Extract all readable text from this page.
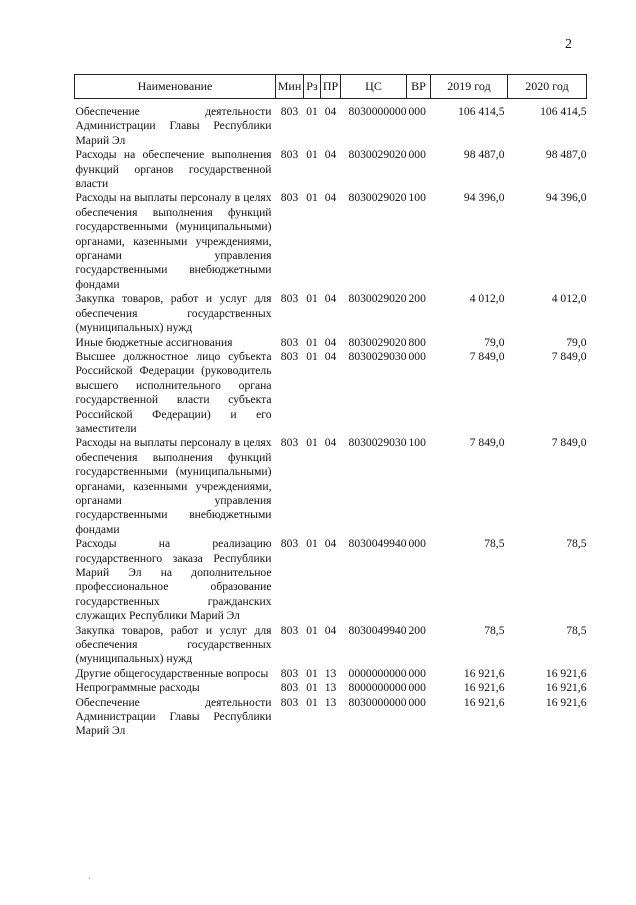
2
Наименование	Мин	Рз	ПР	ЦС	ВР	2019 год	2020 год
Обеспечение деятельности Администрации Главы Республики Марий Эл	803	01	04	8030000000	000	106 414,5	106 414,5
Расходы на обеспечение выполнения функций органов государственной власти	803	01	04	8030029020	000	98 487,0	98 487,0
Расходы на выплаты персоналу в целях обеспечения выполнения функций государственными (муниципальными) органами, казенными учреждениями, органами управления государственными внебюджетными фондами	803	01	04	8030029020	100	94 396,0	94 396,0
Закупка товаров, работ и услуг для обеспечения государственных (муниципальных) нужд	803	01	04	8030029020	200	4 012,0	4 012,0
Иные бюджетные ассигнования	803	01	04	8030029020	800	79,0	79,0
Высшее должностное лицо субъекта Российской Федерации (руководитель высшего исполнительного органа государственной власти субъекта Российской Федерации) и его заместители	803	01	04	8030029030	000	7 849,0	7 849,0
Расходы на выплаты персоналу в целях обеспечения выполнения функций государственными (муниципальными) органами, казенными учреждениями, органами управления государственными внебюджетными фондами	803	01	04	8030029030	100	7 849,0	7 849,0
Расходы на реализацию государственного заказа Республики Марий Эл на дополнительное профессиональное образование государственных гражданских служащих Республики Марий Эл	803	01	04	8030049940	000	78,5	78,5
Закупка товаров, работ и услуг для обеспечения государственных (муниципальных) нужд	803	01	04	8030049940	200	78,5	78,5
Другие общегосударственные вопросы	803	01	13	0000000000	000	16 921,6	16 921,6
Непрограммные расходы	803	01	13	8000000000	000	16 921,6	16 921,6
Обеспечение деятельности Администрации Главы Республики Марий Эл	803	01	13	8030000000	000	16 921,6	16 921,6
·
